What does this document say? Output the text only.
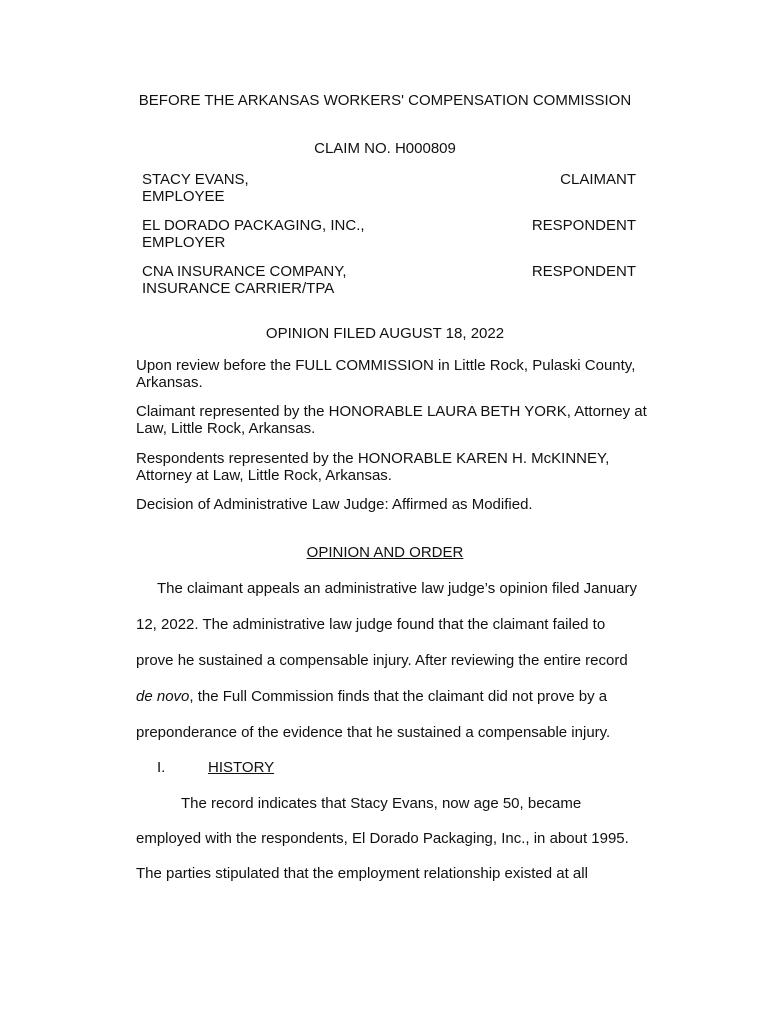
BEFORE THE ARKANSAS WORKERS' COMPENSATION COMMISSION
CLAIM NO. H000809
STACY EVANS,
EMPLOYEE
CLAIMANT
EL DORADO PACKAGING, INC.,
EMPLOYER
RESPONDENT
CNA INSURANCE COMPANY,
INSURANCE CARRIER/TPA
RESPONDENT
OPINION FILED AUGUST 18, 2022
Upon review before the FULL COMMISSION in Little Rock, Pulaski County, Arkansas.
Claimant represented by the HONORABLE LAURA BETH YORK, Attorney at Law, Little Rock, Arkansas.
Respondents represented by the HONORABLE KAREN H. McKINNEY, Attorney at Law, Little Rock, Arkansas.
Decision of Administrative Law Judge: Affirmed as Modified.
OPINION AND ORDER
The claimant appeals an administrative law judge’s opinion filed January
12, 2022. The administrative law judge found that the claimant failed to
prove he sustained a compensable injury. After reviewing the entire record
de novo, the Full Commission finds that the claimant did not prove by a
preponderance of the evidence that he sustained a compensable injury.
I.	HISTORY
The record indicates that Stacy Evans, now age 50, became
employed with the respondents, El Dorado Packaging, Inc., in about 1995.
The parties stipulated that the employment relationship existed at all
